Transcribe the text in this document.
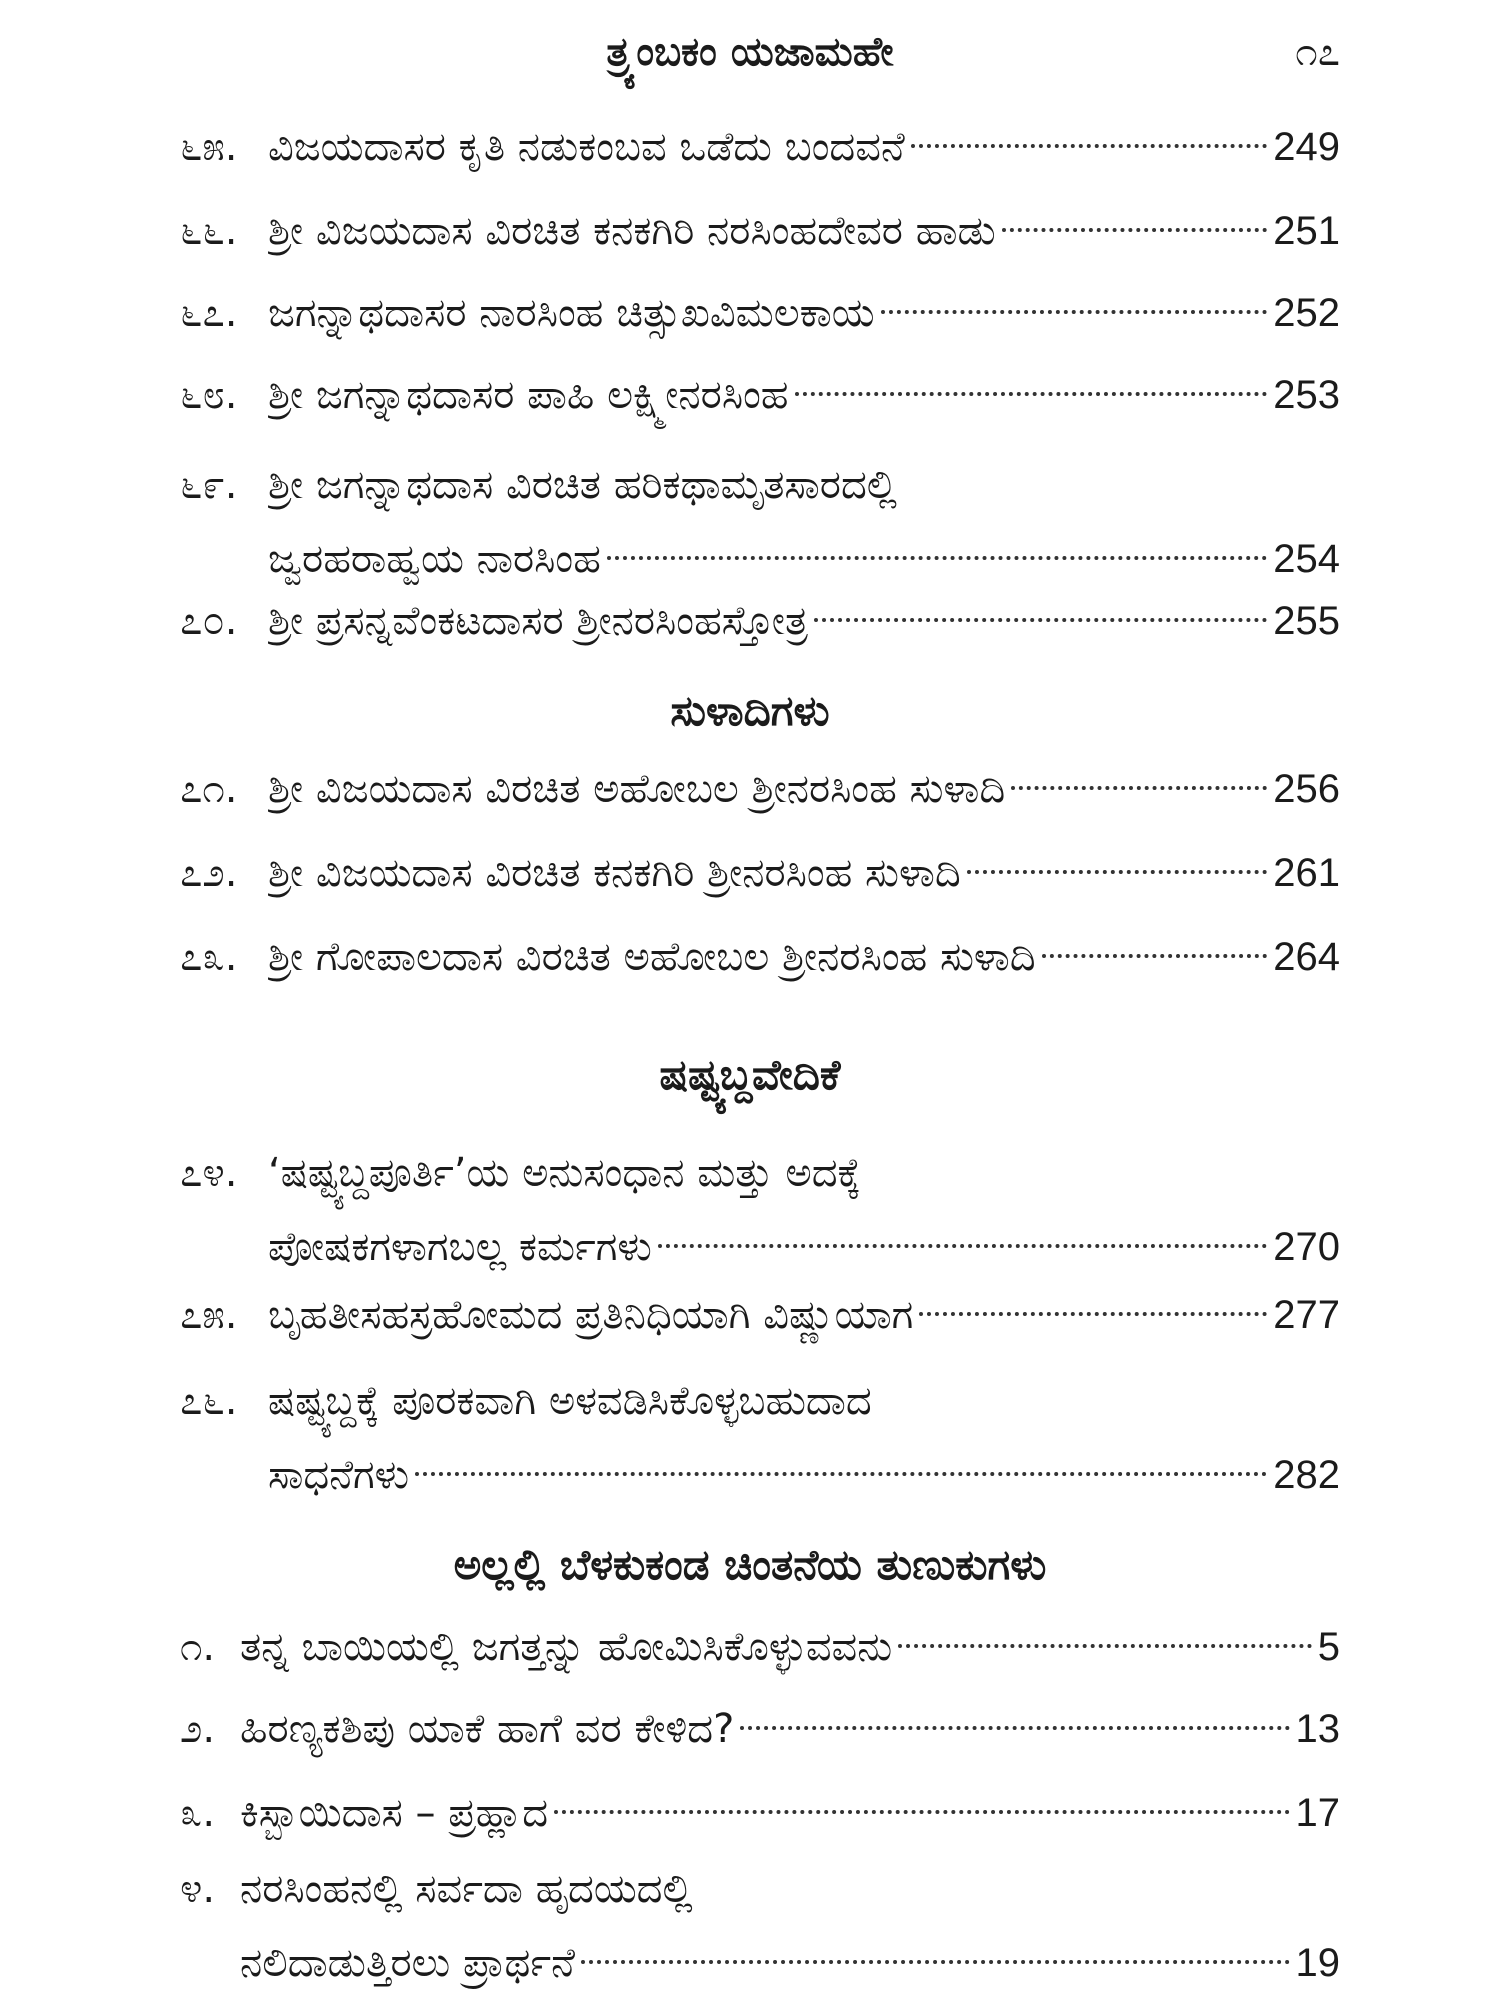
ತ್ರ್ಯಂಬಕಂ ಯಜಾಮಹೇ	೧೭
೬೫. ವಿಜಯದಾಸರ ಕೃತಿ ನಡುಕಂಬವ ಒಡೆದು ಬಂದವನೆ	249
೬೬. ಶ್ರೀ ವಿಜಯದಾಸ ವಿರಚಿತ ಕನಕಗಿರಿ ನರಸಿಂಹದೇವರ ಹಾಡು	251
೬೭. ಜಗನ್ನಾಥದಾಸರ ನಾರಸಿಂಹ ಚಿತ್ಸುಖವಿಮಲಕಾಯ	252
೬೮. ಶ್ರೀ ಜಗನ್ನಾಥದಾಸರ ಪಾಹಿ ಲಕ್ಷ್ಮೀನರಸಿಂಹ	253
೬೯. ಶ್ರೀ ಜಗನ್ನಾಥದಾಸ ವಿರಚಿತ ಹರಿಕಥಾಮೃತಸಾರದಲ್ಲಿ
ಜ್ವರಹರಾಹ್ವಯ ನಾರಸಿಂಹ	254
೭೦. ಶ್ರೀ ಪ್ರಸನ್ನವೆಂಕಟದಾಸರ ಶ್ರೀನರಸಿಂಹಸ್ತೋತ್ರ	255
ಸುಳಾದಿಗಳು
೭೧. ಶ್ರೀ ವಿಜಯದಾಸ ವಿರಚಿತ ಅಹೋಬಲ ಶ್ರೀನರಸಿಂಹ ಸುಳಾದಿ	256
೭೨. ಶ್ರೀ ವಿಜಯದಾಸ ವಿರಚಿತ ಕನಕಗಿರಿ ಶ್ರೀನರಸಿಂಹ ಸುಳಾದಿ	261
೭೩. ಶ್ರೀ ಗೋಪಾಲದಾಸ ವಿರಚಿತ ಅಹೋಬಲ ಶ್ರೀನರಸಿಂಹ ಸುಳಾದಿ	264
ಷಷ್ಟ್ಯಬ್ದವೇದಿಕೆ
೭೪. ‘ಷಷ್ಟ್ಯಬ್ದಪೂರ್ತಿ’ಯ ಅನುಸಂಧಾನ ಮತ್ತು ಅದಕ್ಕೆ
ಪೋಷಕಗಳಾಗಬಲ್ಲ ಕರ್ಮಗಳು	270
೭೫. ಬೃಹತೀಸಹಸ್ರಹೋಮದ ಪ್ರತಿನಿಧಿಯಾಗಿ ವಿಷ್ಣುಯಾಗ	277
೭೬. ಷಷ್ಟ್ಯಬ್ದಕ್ಕೆ ಪೂರಕವಾಗಿ ಅಳವಡಿಸಿಕೊಳ್ಳಬಹುದಾದ
ಸಾಧನೆಗಳು	282
ಅಲ್ಲಲ್ಲಿ ಬೆಳಕುಕಂಡ ಚಿಂತನೆಯ ತುಣುಕುಗಳು
೧. ತನ್ನ ಬಾಯಿಯಲ್ಲಿ ಜಗತ್ತನ್ನು ಹೋಮಿಸಿಕೊಳ್ಳುವವನು	5
೨. ಹಿರಣ್ಯಕಶಿಪು ಯಾಕೆ ಹಾಗೆ ವರ ಕೇಳಿದ?	13
೩. ಕಿಸ್ಬಾಯಿದಾಸ – ಪ್ರಹ್ಲಾದ	17
೪. ನರಸಿಂಹನಲ್ಲಿ ಸರ್ವದಾ ಹೃದಯದಲ್ಲಿ
ನಲಿದಾಡುತ್ತಿರಲು ಪ್ರಾರ್ಥನೆ	19
